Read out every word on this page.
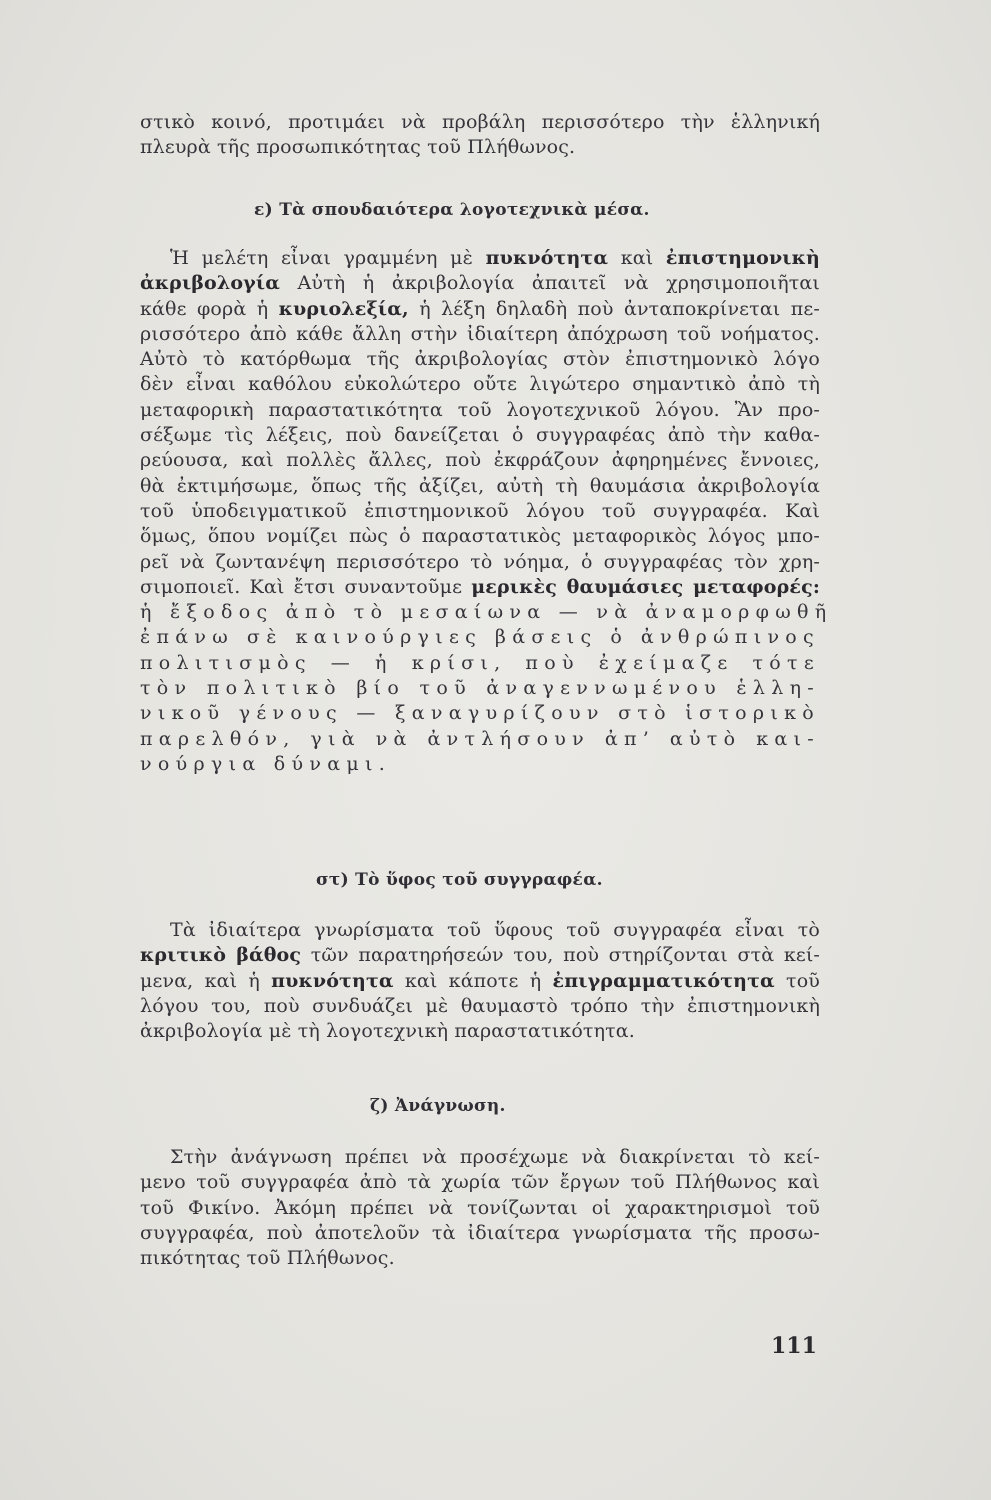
στικὸ κοινό, προτιμάει νὰ προβάλη περισσότερο τὴν ἑλληνική
πλευρὰ τῆς προσωπικότητας τοῦ Πλήθωνος.
ε) Τὰ σπουδαιότερα λογοτεχνικὰ μέσα.
Ἡ μελέτη εἶναι γραμμένη μὲ πυκνότητα καὶ ἐπιστημονικὴ
ἀκριβολογία Αὐτὴ ἡ ἀκριβολογία ἀπαιτεῖ νὰ χρησιμοποιῆται
κάθε φορὰ ἡ κυριολεξία, ἡ λέξη δηλαδὴ ποὺ ἀνταποκρίνεται πε-
ρισσότερο ἀπὸ κάθε ἄλλη στὴν ἰδιαίτερη ἀπόχρωση τοῦ νοήματος.
Αὐτὸ τὸ κατόρθωμα τῆς ἀκριβολογίας στὸν ἐπιστημονικὸ λόγο
δὲν εἶναι καθόλου εὐκολώτερο οὔτε λιγώτερο σημαντικὸ ἀπὸ τὴ
μεταφορικὴ παραστατικότητα τοῦ λογοτεχνικοῦ λόγου. Ἂν προ-
σέξωμε τὶς λέξεις, ποὺ δανείζεται ὁ συγγραφέας ἀπὸ τὴν καθα-
ρεύουσα, καὶ πολλὲς ἄλλες, ποὺ ἐκφράζουν ἀφηρημένες ἔννοιες,
θὰ ἐκτιμήσωμε, ὅπως τῆς ἀξίζει, αὐτὴ τὴ θαυμάσια ἀκριβολογία
τοῦ ὑποδειγματικοῦ ἐπιστημονικοῦ λόγου τοῦ συγγραφέα. Καὶ
ὅμως, ὅπου νομίζει πὼς ὁ παραστατικὸς μεταφορικὸς λόγος μπο-
ρεῖ νὰ ζωντανέψη περισσότερο τὸ νόημα, ὁ συγγραφέας τὸν χρη-
σιμοποιεῖ. Καὶ ἔτσι συναντοῦμε μερικὲς θαυμάσιες μεταφορές:
ἡ ἔξοδος ἀπὸ τὸ μεσαίωνα — νὰ ἀναμορφωθῆ
ἐπάνω σὲ καινούργιες βάσεις ὁ ἀνθρώπινος
πολιτισμὸς — ἡ κρίσι, ποὺ ἐχείμαζε τότε
τὸν πολιτικὸ βίο τοῦ ἀναγεννωμένου ἑλλη-
νικοῦ γένους — ξαναγυρίζουν στὸ ἱστορικὸ
παρελθόν, γιὰ νὰ ἀντλήσουν ἀπ’ αὐτὸ και-
νούργια δύναμι.
στ) Τὸ ὕφος τοῦ συγγραφέα.
Τὰ ἰδιαίτερα γνωρίσματα τοῦ ὕφους τοῦ συγγραφέα εἶναι τὸ
κριτικὸ βάθος τῶν παρατηρήσεών του, ποὺ στηρίζονται στὰ κεί-
μενα, καὶ ἡ πυκνότητα καὶ κάποτε ἡ ἐπιγραμματικότητα τοῦ
λόγου του, ποὺ συνδυάζει μὲ θαυμαστὸ τρόπο τὴν ἐπιστημονικὴ
ἀκριβολογία μὲ τὴ λογοτεχνικὴ παραστατικότητα.
ζ) Ἀνάγνωση.
Στὴν ἀνάγνωση πρέπει νὰ προσέχωμε νὰ διακρίνεται τὸ κεί-
μενο τοῦ συγγραφέα ἀπὸ τὰ χωρία τῶν ἔργων τοῦ Πλήθωνος καὶ
τοῦ Φικίνο. Ἀκόμη πρέπει νὰ τονίζωνται οἱ χαρακτηρισμοὶ τοῦ
συγγραφέα, ποὺ ἀποτελοῦν τὰ ἰδιαίτερα γνωρίσματα τῆς προσω-
πικότητας τοῦ Πλήθωνος.
111
